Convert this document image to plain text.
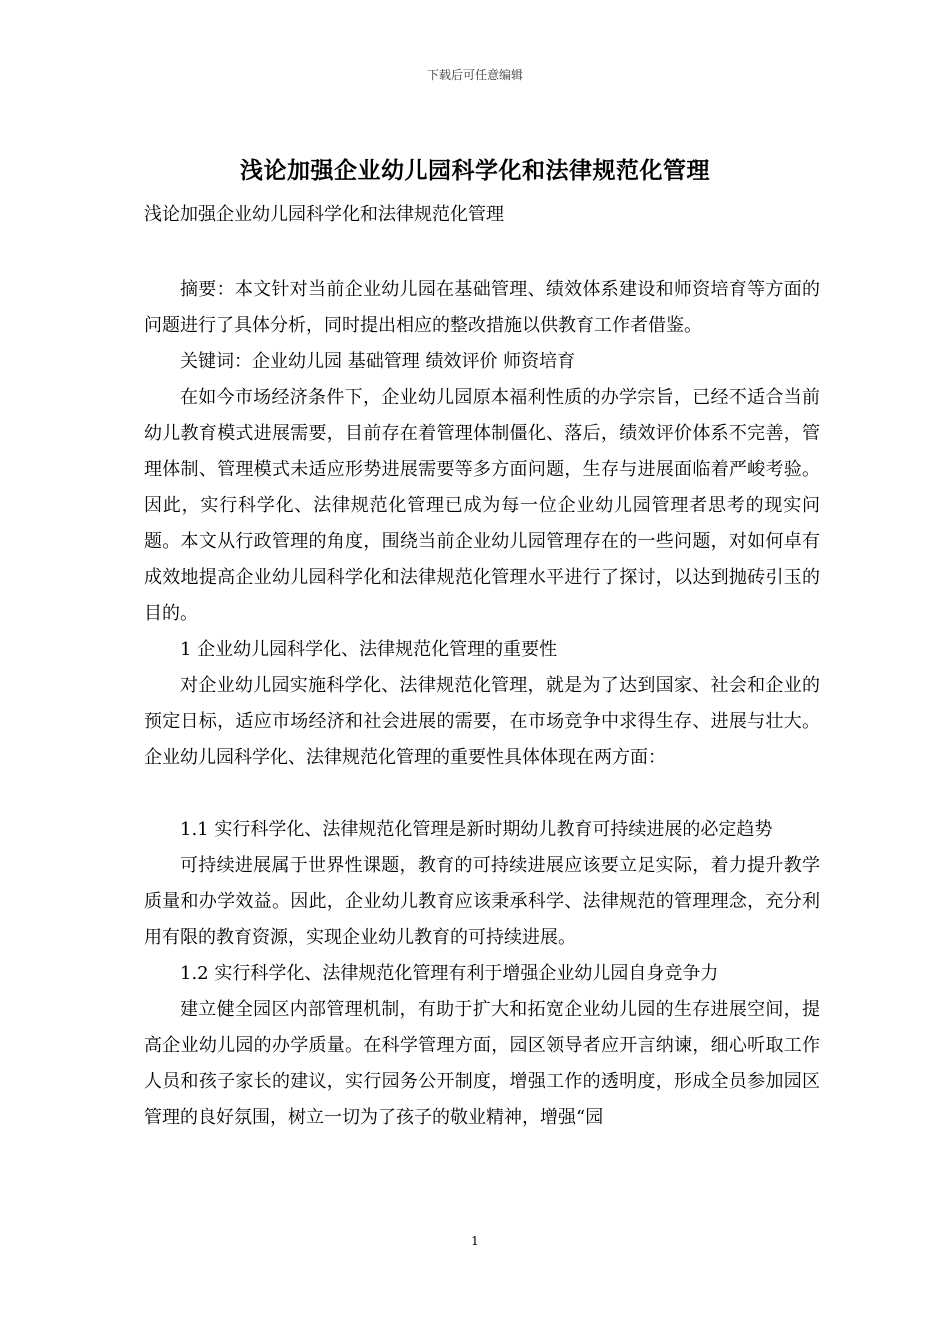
下载后可任意编辑
浅论加强企业幼儿园科学化和法律规范化管理
浅论加强企业幼儿园科学化和法律规范化管理

摘要：本文针对当前企业幼儿园在基础管理、绩效体系建设和师资培育等方面的问题进行了具体分析，同时提出相应的整改措施以供教育工作者借鉴。

关键词：企业幼儿园 基础管理 绩效评价 师资培育

在如今市场经济条件下，企业幼儿园原本福利性质的办学宗旨，已经不适合当前幼儿教育模式进展需要，目前存在着管理体制僵化、落后，绩效评价体系不完善，管理体制、管理模式未适应形势进展需要等多方面问题，生存与进展面临着严峻考验。因此，实行科学化、法律规范化管理已成为每一位企业幼儿园管理者思考的现实问题。本文从行政管理的角度，围绕当前企业幼儿园管理存在的一些问题，对如何卓有成效地提高企业幼儿园科学化和法律规范化管理水平进行了探讨，以达到抛砖引玉的目的。

1 企业幼儿园科学化、法律规范化管理的重要性

对企业幼儿园实施科学化、法律规范化管理，就是为了达到国家、社会和企业的预定日标，适应市场经济和社会进展的需要，在市场竞争中求得生存、进展与壮大。企业幼儿园科学化、法律规范化管理的重要性具体体现在两方面：

1.1 实行科学化、法律规范化管理是新时期幼儿教育可持续进展的必定趋势

可持续进展属于世界性课题，教育的可持续进展应该要立足实际，着力提升教学质量和办学效益。因此，企业幼儿教育应该秉承科学、法律规范的管理理念，充分利用有限的教育资源，实现企业幼儿教育的可持续进展。

1.2 实行科学化、法律规范化管理有利于增强企业幼儿园自身竞争力

建立健全园区内部管理机制，有助于扩大和拓宽企业幼儿园的生存进展空间，提高企业幼儿园的办学质量。在科学管理方面，园区领导者应开言纳谏，细心听取工作人员和孩子家长的建议，实行园务公开制度，增强工作的透明度，形成全员参加园区管理的良好氛围，树立一切为了孩子的敬业精神，增强“园

1
